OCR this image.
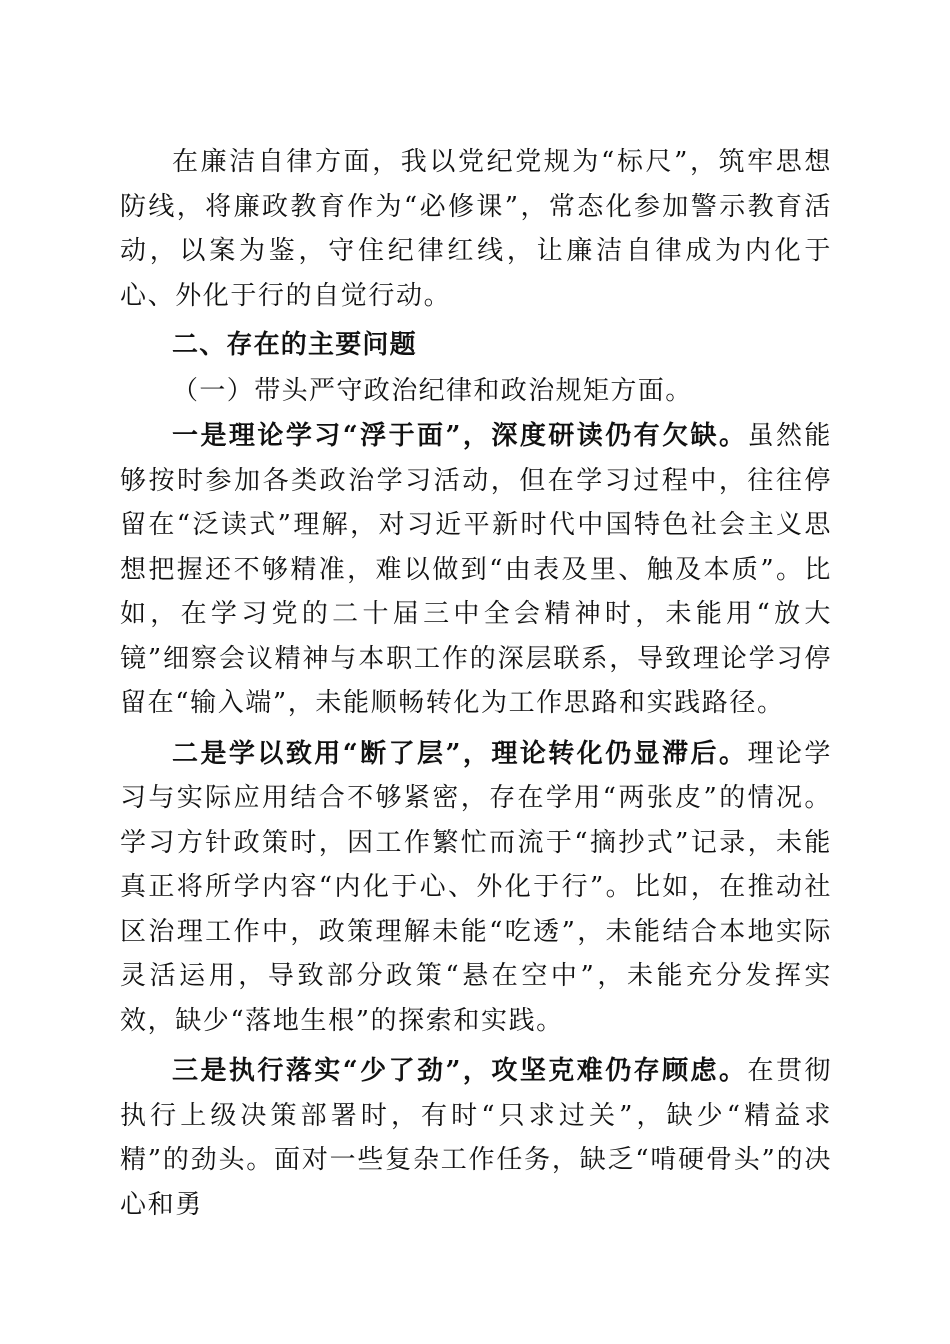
在廉洁自律方面，我以党纪党规为“标尺”，筑牢思想防线，将廉政教育作为“必修课”，常态化参加警示教育活动，以案为鉴，守住纪律红线，让廉洁自律成为内化于心、外化于行的自觉行动。

二、存在的主要问题

（一）带头严守政治纪律和政治规矩方面。

一是理论学习“浮于面”，深度研读仍有欠缺。虽然能够按时参加各类政治学习活动，但在学习过程中，往往停留在“泛读式”理解，对习近平新时代中国特色社会主义思想把握还不够精准，难以做到“由表及里、触及本质”。比如，在学习党的二十届三中全会精神时，未能用“放大镜”细察会议精神与本职工作的深层联系，导致理论学习停留在“输入端”，未能顺畅转化为工作思路和实践路径。

二是学以致用“断了层”，理论转化仍显滞后。理论学习与实际应用结合不够紧密，存在学用“两张皮”的情况。学习方针政策时，因工作繁忙而流于“摘抄式”记录，未能真正将所学内容“内化于心、外化于行”。比如，在推动社区治理工作中，政策理解未能“吃透”，未能结合本地实际灵活运用，导致部分政策“悬在空中”，未能充分发挥实效，缺少“落地生根”的探索和实践。

三是执行落实“少了劲”，攻坚克难仍存顾虑。在贯彻执行上级决策部署时，有时“只求过关”，缺少“精益求精”的劲头。面对一些复杂工作任务，缺乏“啃硬骨头”的决心和勇
